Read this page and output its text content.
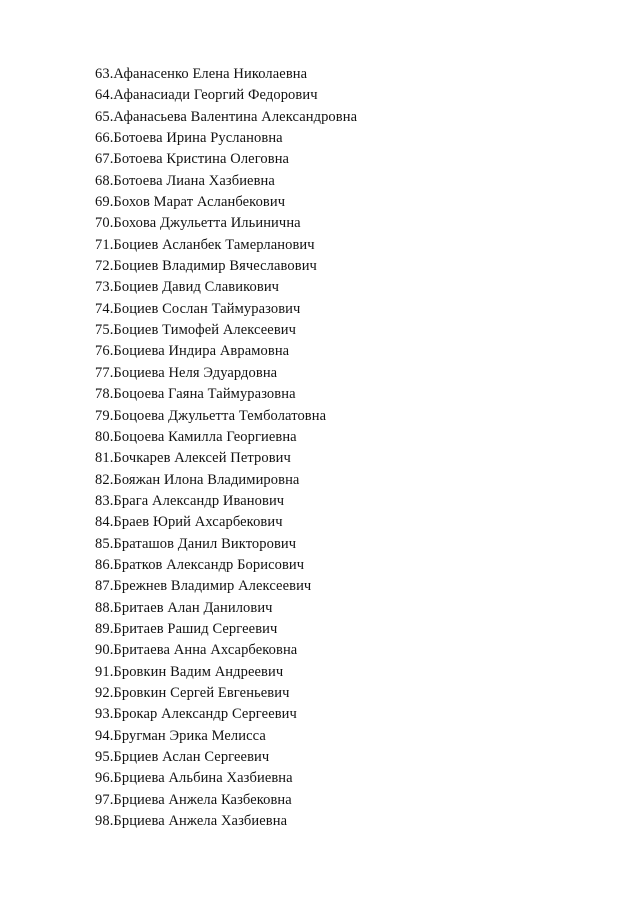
63.Афанасенко Елена Николаевна
64.Афанасиади Георгий Федорович
65.Афанасьева Валентина Александровна
66.Ботоева Ирина Руслановна
67.Ботоева Кристина Олеговна
68.Ботоева Лиана Хазбиевна
69.Бохов Марат Асланбекович
70.Бохова Джульетта Ильинична
71.Боциев Асланбек Тамерланович
72.Боциев Владимир Вячеславович
73.Боциев Давид Славикович
74.Боциев Сослан Таймуразович
75.Боциев Тимофей Алексеевич
76.Боциева Индира Аврамовна
77.Боциева Неля Эдуардовна
78.Боцоева Гаяна Таймуразовна
79.Боцоева Джульетта Темболатовна
80.Боцоева Камилла Георгиевна
81.Бочкарев Алексей Петрович
82.Бояжан Илона Владимировна
83.Брага Александр Иванович
84.Браев Юрий Ахсарбекович
85.Браташов Данил Викторович
86.Братков Александр Борисович
87.Брежнев Владимир Алексеевич
88.Бритаев Алан Данилович
89.Бритаев Рашид Сергеевич
90.Бритаева Анна Ахсарбековна
91.Бровкин Вадим Андреевич
92.Бровкин Сергей Евгеньевич
93.Брокар Александр Сергеевич
94.Бругман Эрика Мелисса
95.Брциев Аслан Сергеевич
96.Брциева Альбина Хазбиевна
97.Брциева Анжела Казбековна
98.Брциева Анжела Хазбиевна
